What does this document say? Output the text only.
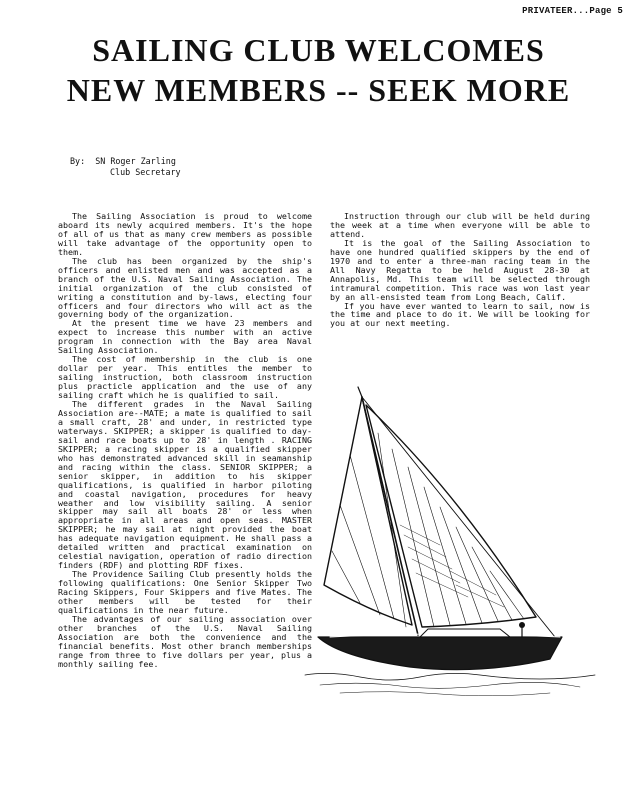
PRIVATEER...Page 5
SAILING CLUB WELCOMES
NEW MEMBERS -- SEEK MORE
By:  SN Roger Zarling
Club Secretary

The Sailing Association is proud to welcome aboard its newly acquired members. It's the hope of all of us that as many crew members as possible will take advantage of the opportunity open to them.

The club has been organized by the ship's officers and enlisted men and was accepted as a branch of the U.S. Naval Sailing Association. The initial organization of the club consisted of writing a constitution and by-laws, electing four officers and four directors who will act as the governing body of the organization.

At the present time we have 23 members and expect to increase this number with an active program in connection with the Bay area Naval Sailing Association.

The cost of membership in the club is one dollar per year. This entitles the member to sailing instruction, both classroom instruction plus practicle application and the use of any sailing craft which he is qualified to sail.

The different grades in the Naval Sailing Association are--MATE; a mate is qualified to sail a small craft, 28' and under, in restricted type waterways. SKIPPER; a skipper is qualified to day-sail and race boats up to 28' in length . RACING SKIPPER; a racing skipper is a qualified skipper who has demonstrated advanced skill in seamanship and racing within the class. SENIOR SKIPPER; a senior skipper, in addition to his skipper qualifications, is qualified in harbor piloting and coastal navigation, procedures for heavy weather and low visibility sailing. A senior skipper may sail all boats 28' or less when appropriate in all areas and open seas. MASTER SKIPPER; he may sail at night provided the boat has adequate navigation equipment. He shall pass a detailed written and practical examination on celestial navigation, operation of radio direction finders (RDF) and plotting RDF fixes.

The Providence Sailing Club presently holds the following qualifications: One Senior Skipper Two Racing Skippers, Four Skippers and five Mates. The other members will be tested for their qualifications in the near future.

The advantages of our sailing association over other branches of the U.S. Naval Sailing Association are both the convenience and the financial benefits. Most other branch memberships range from three to five dollars per year, plus a monthly sailing fee.

Instruction through our club will be held during the week at a time when everyone will be able to attend.

It is the goal of the Sailing Association to have one hundred qualified skippers by the end of 1970 and to enter a three-man racing team in the All Navy Regatta to be held August 28-30 at Annapolis, Md. This team will be selected through intramural competition. This race was won last year by an all-ensisted team from Long Beach, Calif.

If you have ever wanted to learn to sail, now is the time and place to do it. We will be looking for you at our next meeting.
